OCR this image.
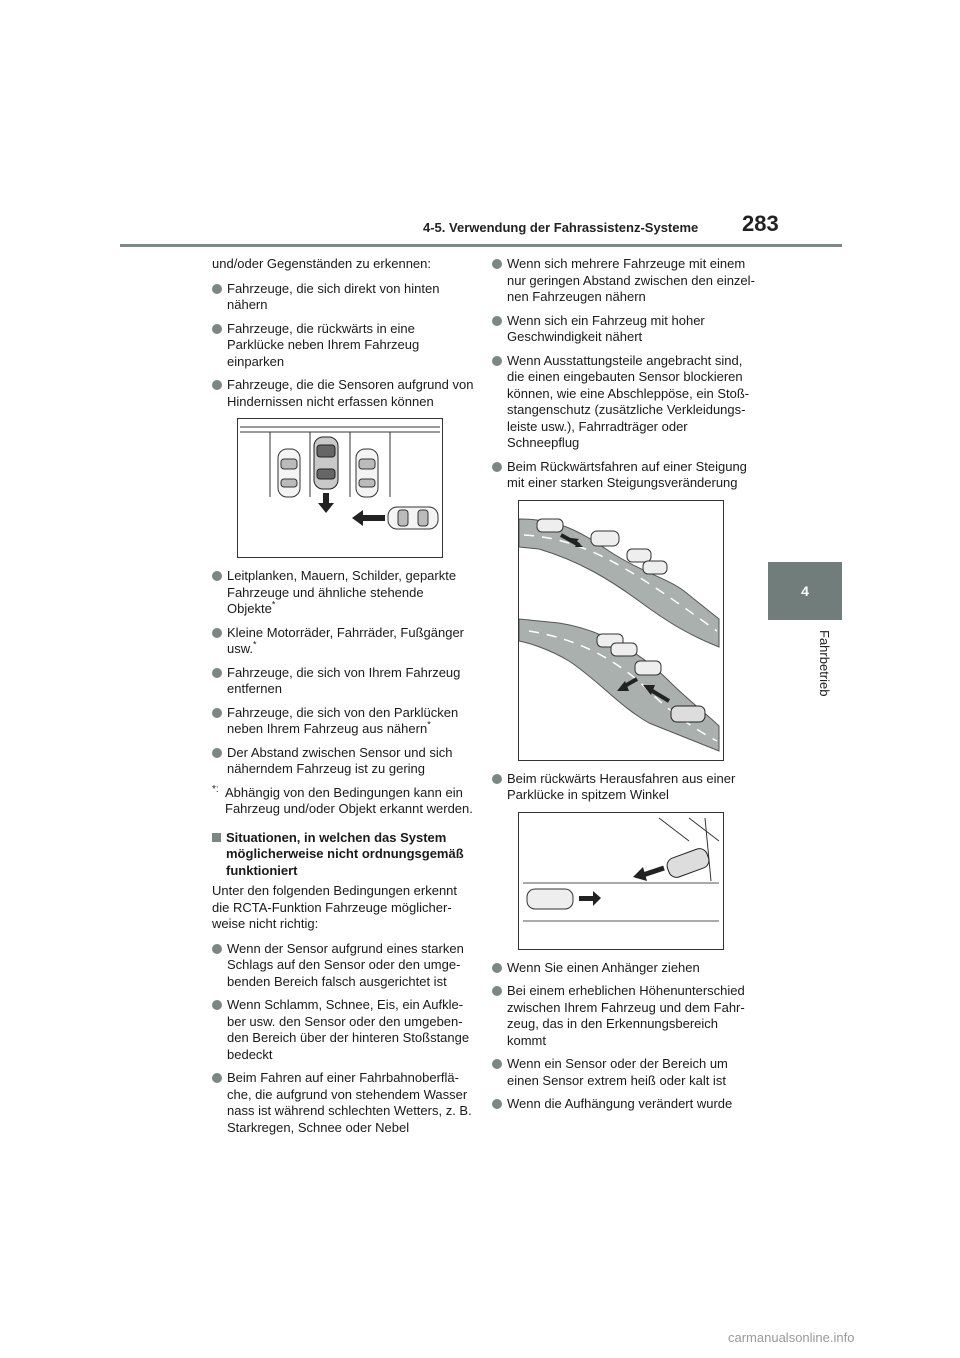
4-5. Verwendung der Fahrassistenz-Systeme 283
4
Fahrbetrieb

und/oder Gegenständen zu erkennen:

Fahrzeuge, die sich direkt von hinten nähern
Fahrzeuge, die rückwärts in eine Parklücke neben Ihrem Fahrzeug einparken
Fahrzeuge, die die Sensoren aufgrund von Hindernissen nicht erfassen können
Leitplanken, Mauern, Schilder, geparkte Fahrzeuge und ähnliche stehende Objekte*
Kleine Motorräder, Fahrräder, Fußgänger usw.*
Fahrzeuge, die sich von Ihrem Fahrzeug entfernen
Fahrzeuge, die sich von den Parklücken neben Ihrem Fahrzeug aus nähern*
Der Abstand zwischen Sensor und sich näherndem Fahrzeug ist zu gering
*: Abhängig von den Bedingungen kann ein Fahrzeug und/oder Objekt erkannt werden.
Situationen, in welchen das System möglicherweise nicht ordnungsgemäß funktioniert

Unter den folgenden Bedingungen erkennt die RCTA-Funktion Fahrzeuge möglicherweise nicht richtig:

Wenn der Sensor aufgrund eines starken Schlags auf den Sensor oder den umgebenden Bereich falsch ausgerichtet ist
Wenn Schlamm, Schnee, Eis, ein Aufkleber usw. den Sensor oder den umgebenden Bereich über der hinteren Stoßstange bedeckt
Beim Fahren auf einer Fahrbahnoberfläche, die aufgrund von stehendem Wasser nass ist während schlechten Wetters, z. B. Starkregen, Schnee oder Nebel
Wenn sich mehrere Fahrzeuge mit einem nur geringen Abstand zwischen den einzelnen Fahrzeugen nähern
Wenn sich ein Fahrzeug mit hoher Geschwindigkeit nähert
Wenn Ausstattungsteile angebracht sind, die einen eingebauten Sensor blockieren können, wie eine Abschleppöse, ein Stoßstangenschutz (zusätzliche Verkleidungsleiste usw.), Fahrradträger oder Schneepflug
Beim Rückwärtsfahren auf einer Steigung mit einer starken Steigungsveränderung
Beim rückwärts Herausfahren aus einer Parklücke in spitzem Winkel
Wenn Sie einen Anhänger ziehen
Bei einem erheblichen Höhenunterschied zwischen Ihrem Fahrzeug und dem Fahrzeug, das in den Erkennungsbereich kommt
Wenn ein Sensor oder der Bereich um einen Sensor extrem heiß oder kalt ist
Wenn die Aufhängung verändert wurde
carmanualsonline.info
